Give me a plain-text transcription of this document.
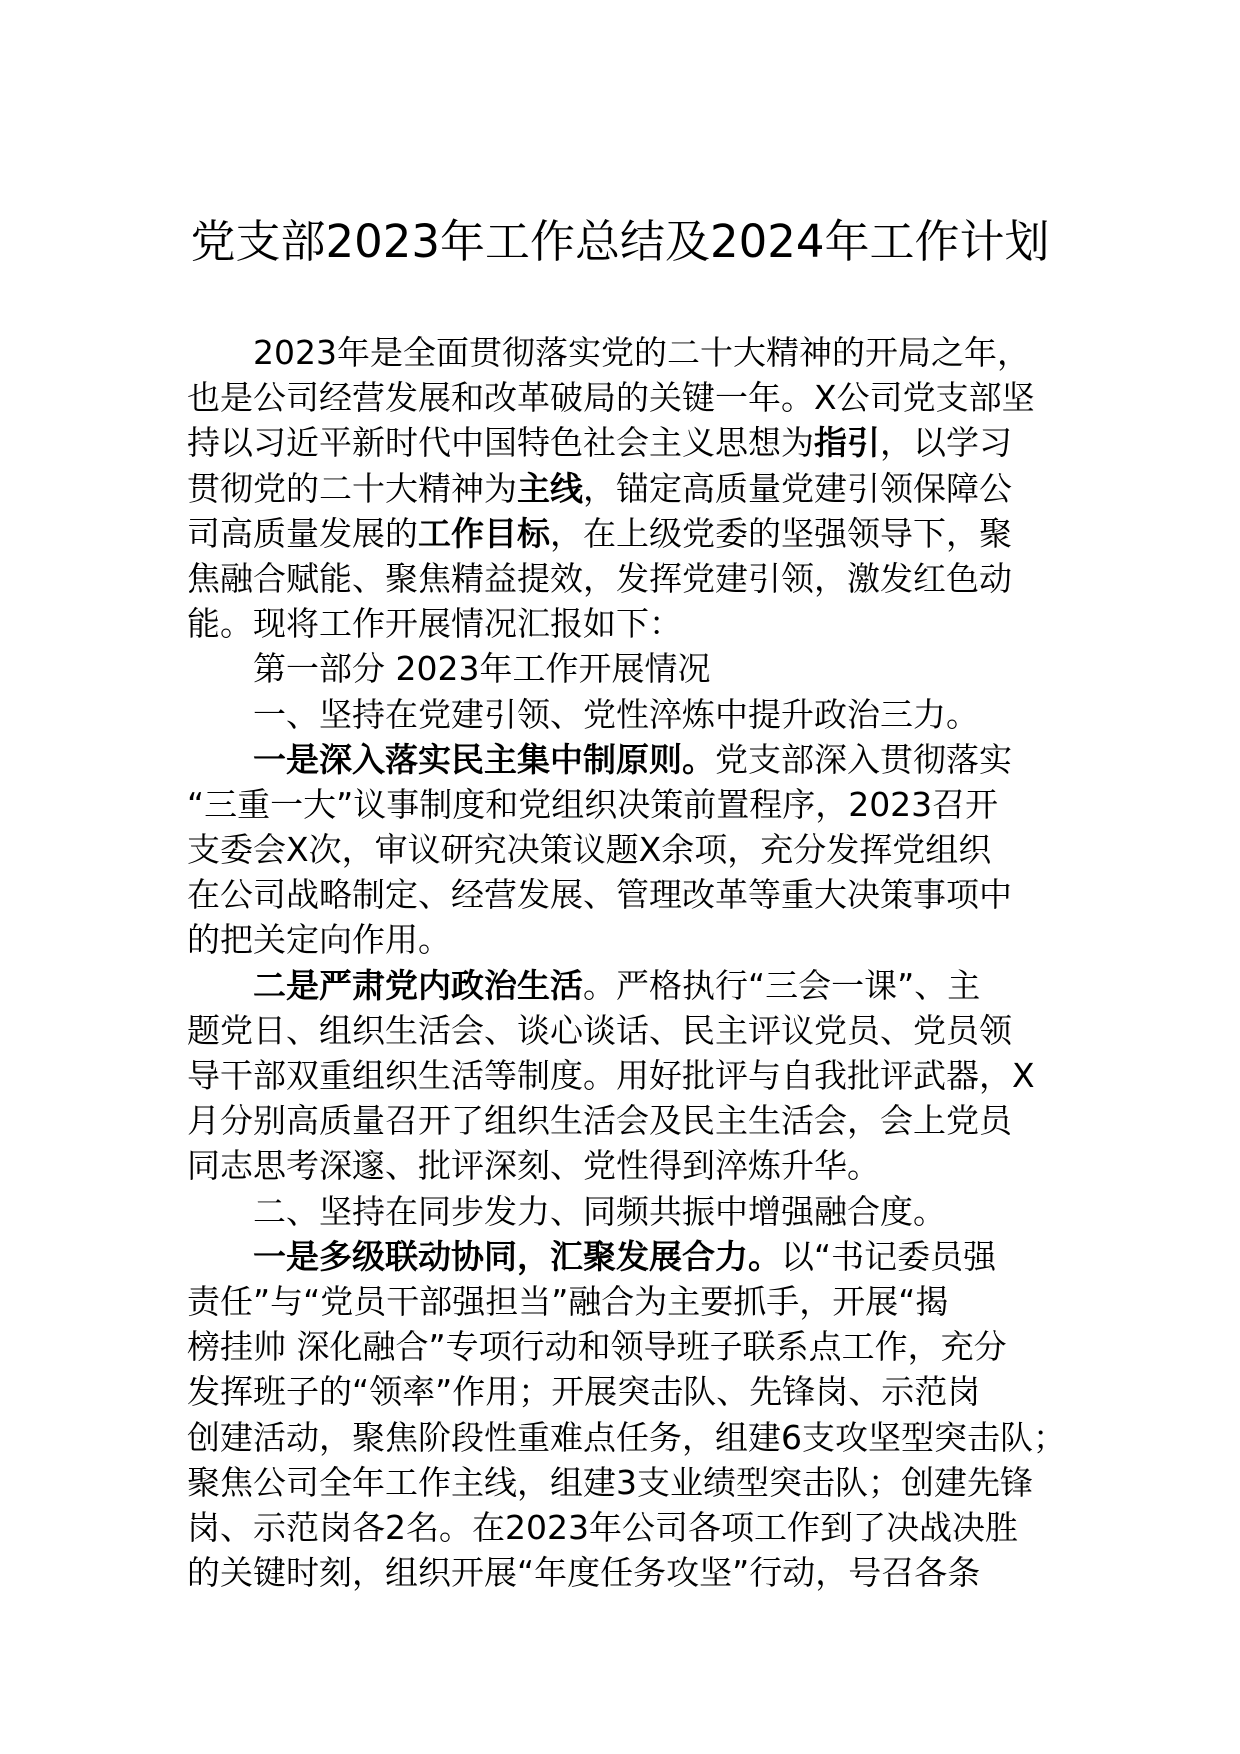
党支部2023年工作总结及2024年工作计划
2023年是全面贯彻落实党的二十大精神的开局之年，
也是公司经营发展和改革破局的关键一年。X公司党支部坚
持以习近平新时代中国特色社会主义思想为指引，以学习
贯彻党的二十大精神为主线，锚定高质量党建引领保障公
司高质量发展的工作目标，在上级党委的坚强领导下，聚
焦融合赋能、聚焦精益提效，发挥党建引领，激发红色动
能。现将工作开展情况汇报如下：
第一部分 2023年工作开展情况
一、坚持在党建引领、党性淬炼中提升政治三力。
一是深入落实民主集中制原则。党支部深入贯彻落实
“三重一大”议事制度和党组织决策前置程序，2023召开
支委会X次，审议研究决策议题X余项，充分发挥党组织
在公司战略制定、经营发展、管理改革等重大决策事项中
的把关定向作用。
二是严肃党内政治生活。严格执行“三会一课”、主
题党日、组织生活会、谈心谈话、民主评议党员、党员领
导干部双重组织生活等制度。用好批评与自我批评武器，X
月分别高质量召开了组织生活会及民主生活会，会上党员
同志思考深邃、批评深刻、党性得到淬炼升华。
二、坚持在同步发力、同频共振中增强融合度。
一是多级联动协同，汇聚发展合力。以“书记委员强
责任”与“党员干部强担当”融合为主要抓手，开展“揭
榜挂帅 深化融合”专项行动和领导班子联系点工作，充分
发挥班子的“领率”作用；开展突击队、先锋岗、示范岗
创建活动，聚焦阶段性重难点任务，组建6支攻坚型突击队；
聚焦公司全年工作主线，组建3支业绩型突击队；创建先锋
岗、示范岗各2名。在2023年公司各项工作到了决战决胜
的关键时刻，组织开展“年度任务攻坚”行动，号召各条
